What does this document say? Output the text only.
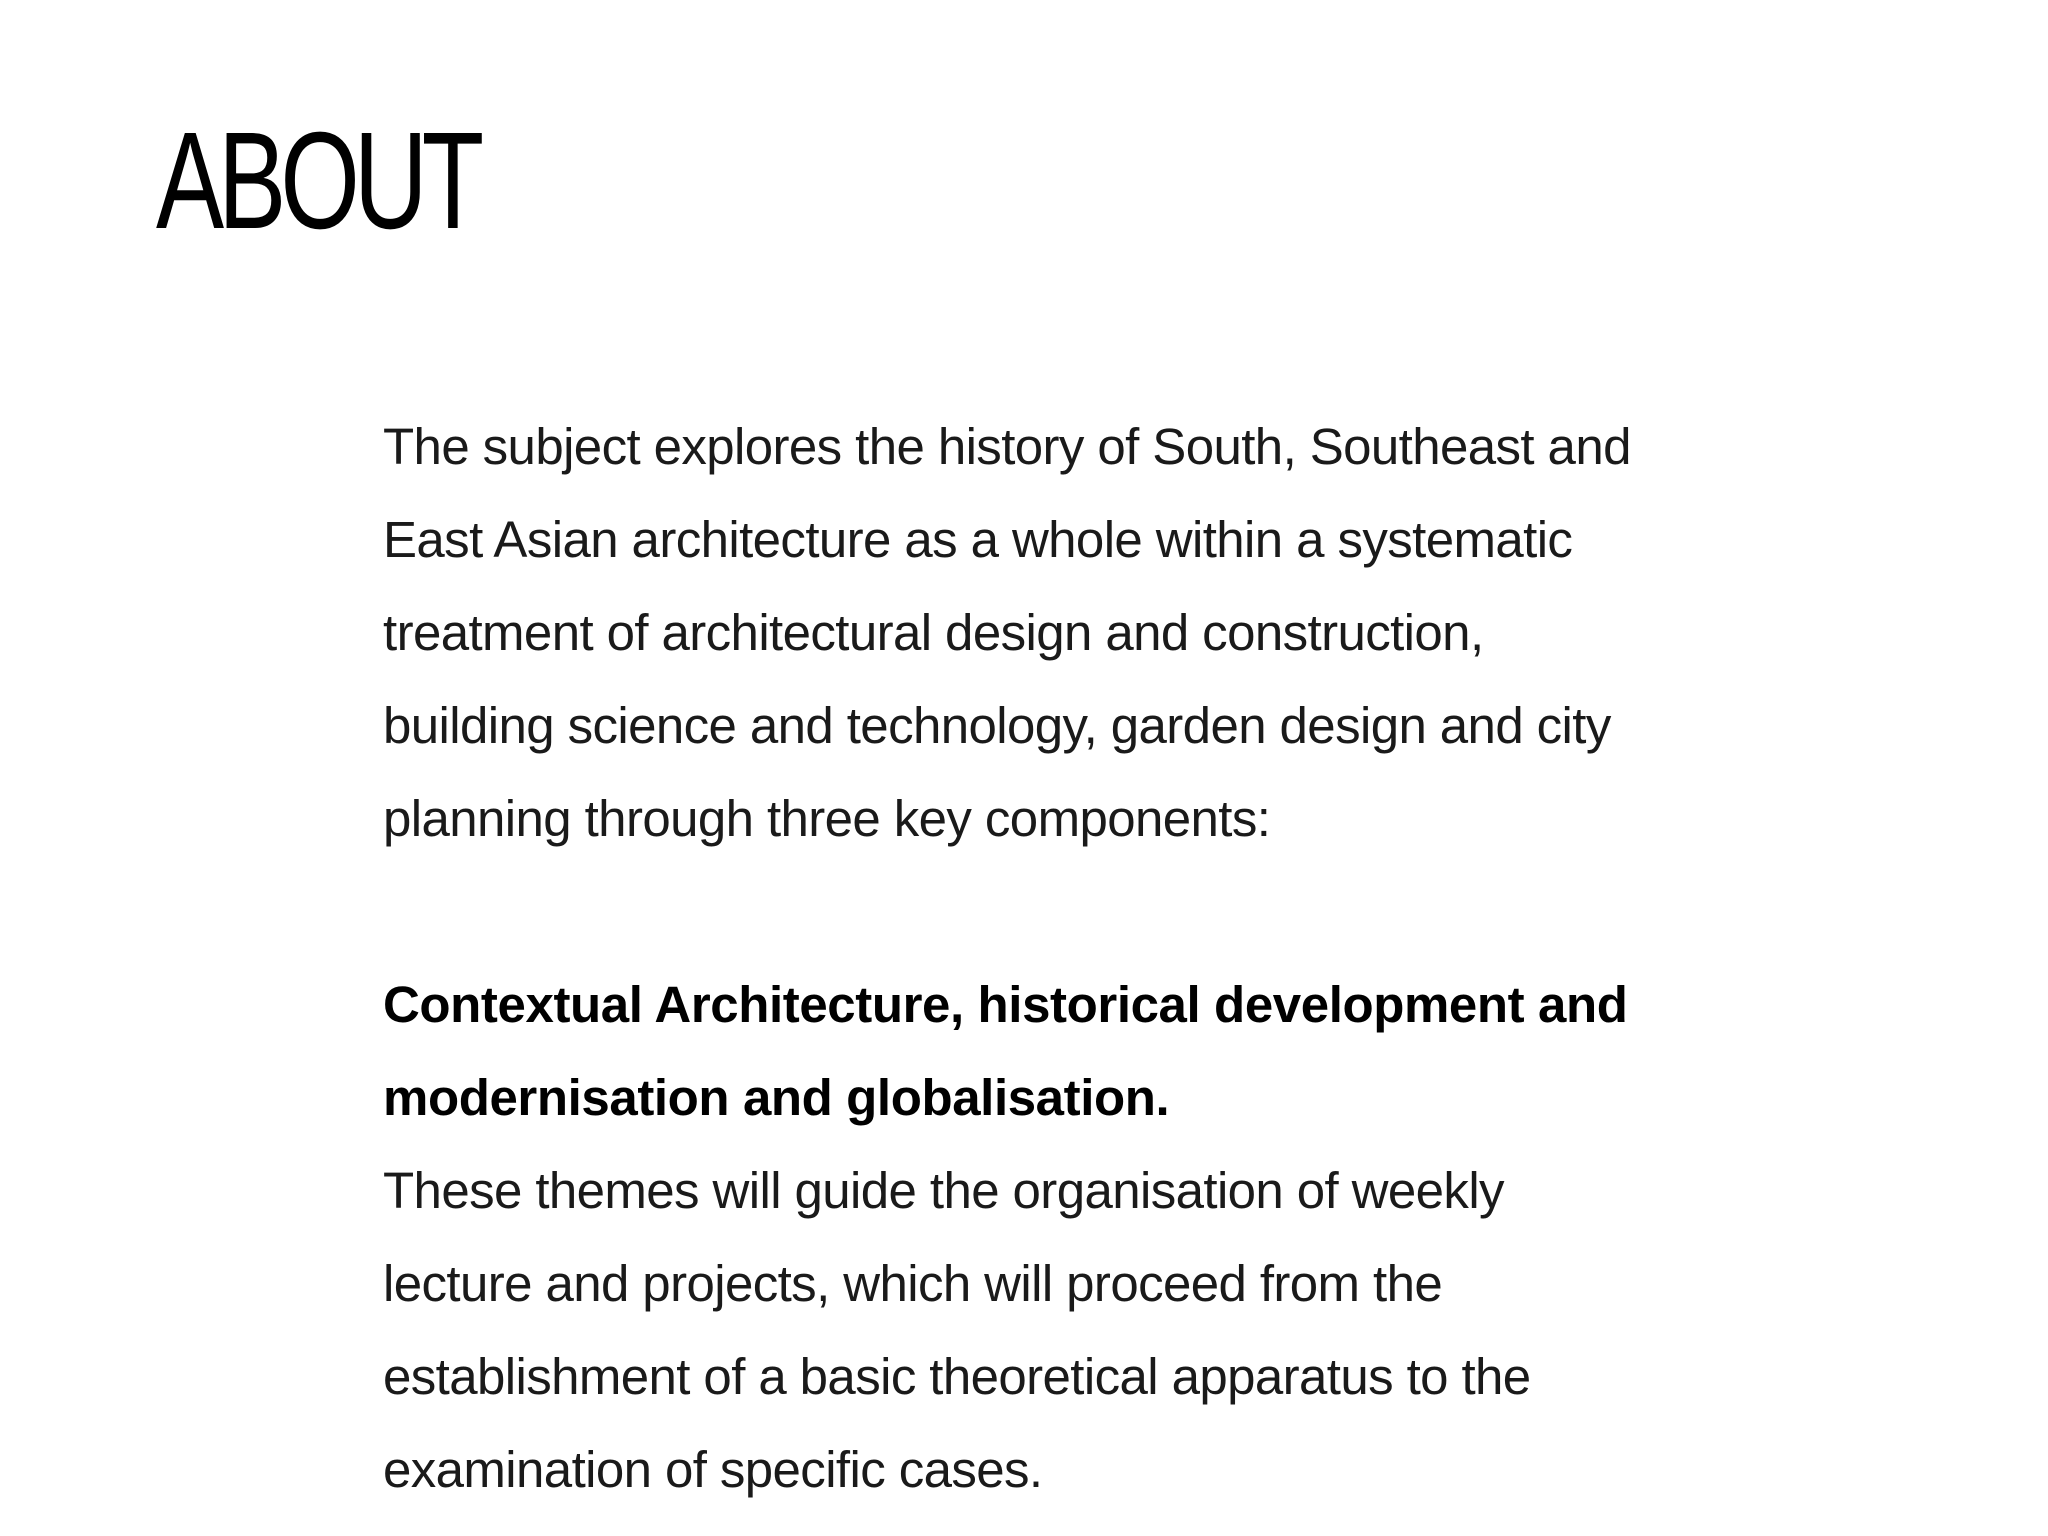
ABOUT
The subject explores the history of South, Southeast and
East Asian architecture as a whole within a systematic
treatment of architectural design and construction,
building science and technology, garden design and city
planning through three key components:
Contextual Architecture, historical development and
modernisation and globalisation.
These themes will guide the organisation of weekly
lecture and projects, which will proceed from the
establishment of a basic theoretical apparatus to the
examination of specific cases.
